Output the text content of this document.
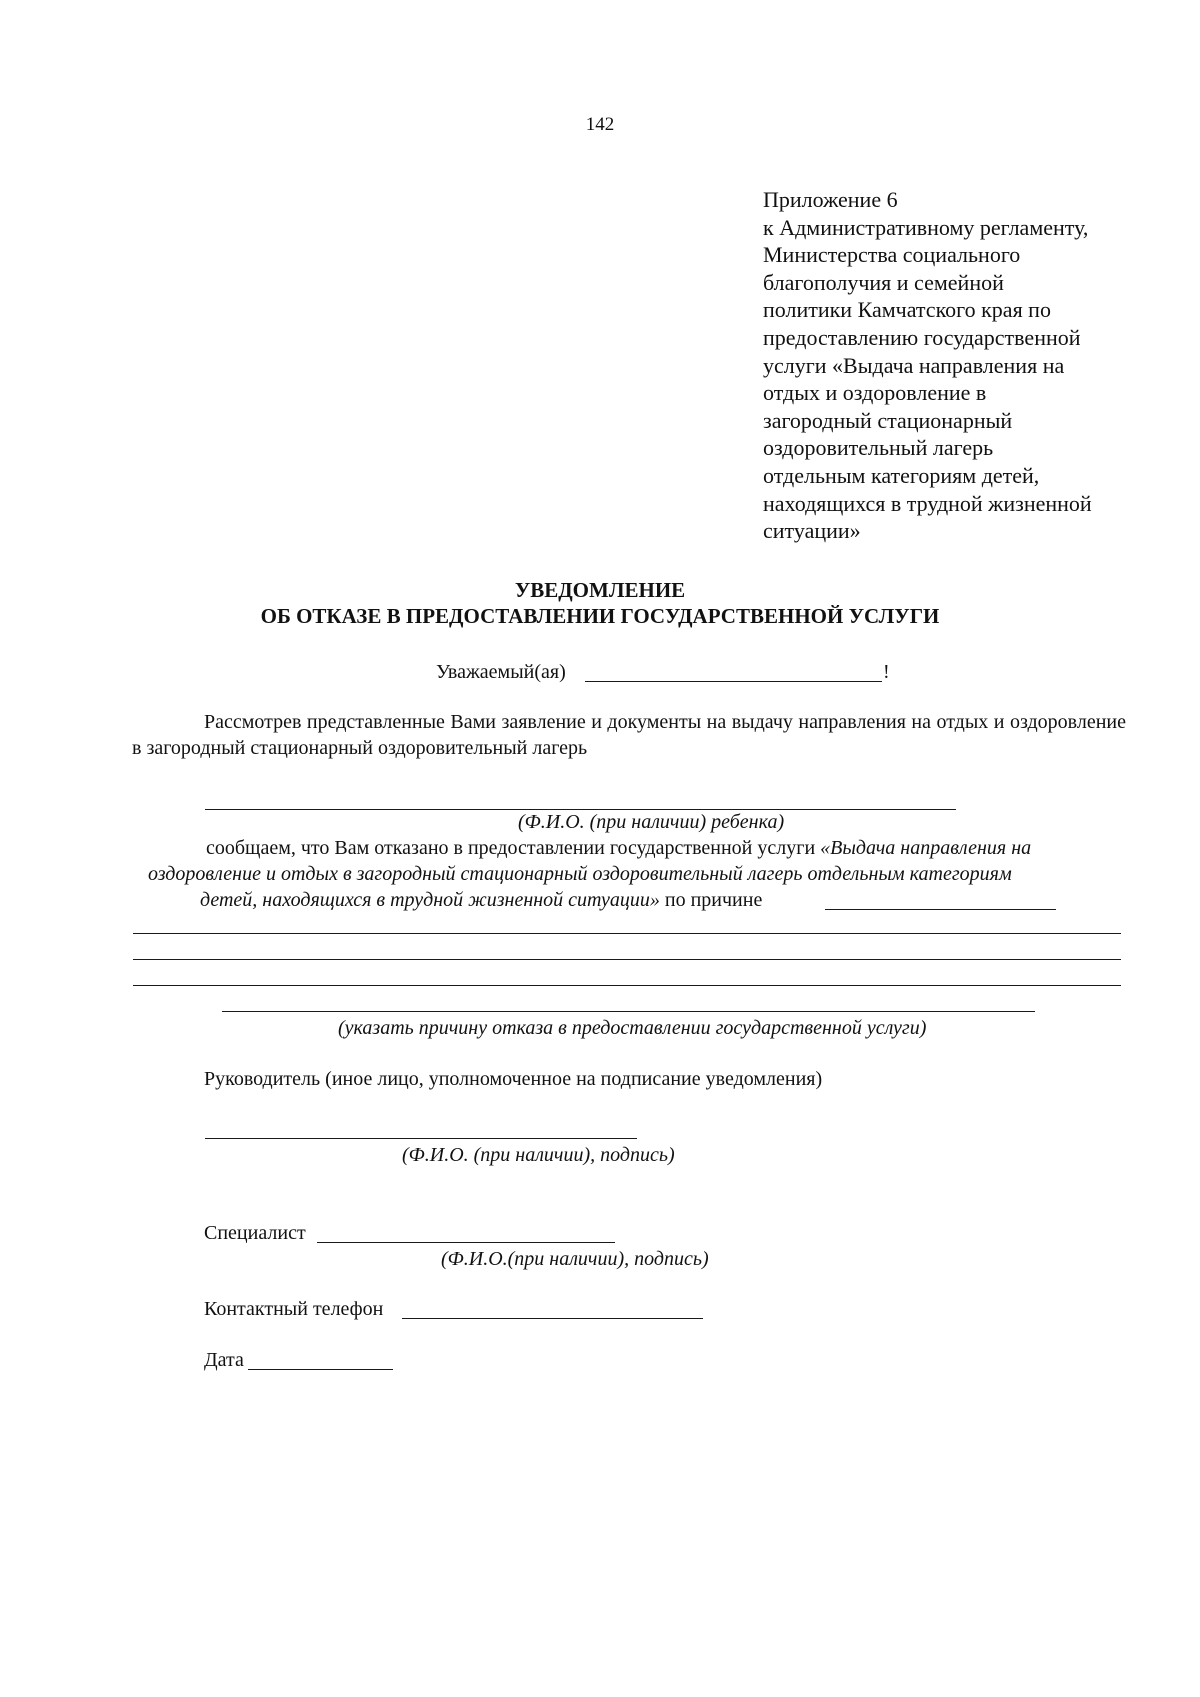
142
Приложение 6
к Административному регламенту,
Министерства социального
благополучия и семейной
политики Камчатского края по
предоставлению государственной
услуги «Выдача направления на
отдых и оздоровление в
загородный стационарный
оздоровительный лагерь
отдельным категориям детей,
находящихся в трудной жизненной
ситуации»
УВЕДОМЛЕНИЕ
ОБ ОТКАЗЕ В ПРЕДОСТАВЛЕНИИ ГОСУДАРСТВЕННОЙ УСЛУГИ
Уважаемый(ая)	!
Рассмотрев представленные Вами заявление и документы на выдачу направления на отдых и оздоровление в загородный стационарный оздоровительный лагерь
(Ф.И.О. (при наличии) ребенка)
сообщаем, что Вам отказано в предоставлении государственной услуги «Выдача направления на
оздоровление и отдых в загородный стационарный оздоровительный лагерь отдельным категориям
детей, находящихся в трудной жизненной ситуации» по причине
(указать причину отказа в предоставлении государственной услуги)
Руководитель (иное лицо, уполномоченное на подписание уведомления)
(Ф.И.О. (при наличии), подпись)
Специалист
(Ф.И.О.(при наличии), подпись)
Контактный телефон
Дата
